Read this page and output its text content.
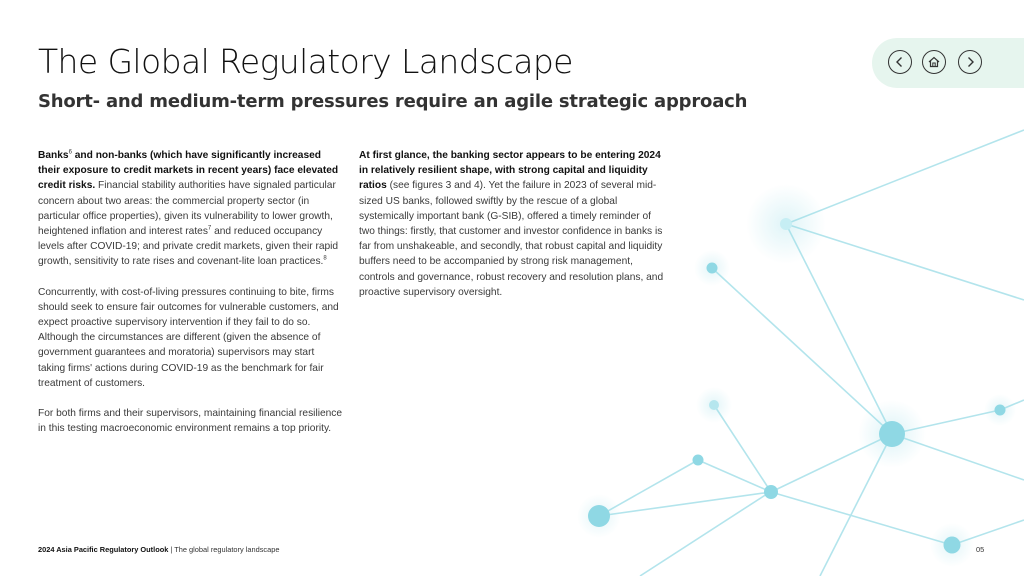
The Global Regulatory Landscape
Short- and medium-term pressures require an agile strategic approach

Banks$^6$ and non-banks (which have significantly increased their exposure to credit markets in recent years) face elevated credit risks. Financial stability authorities have signaled particular concern about two areas: the commercial property sector (in particular office properties), given its vulnerability to lower growth, heightened inflation and interest rates$^7$ and reduced occupancy levels after COVID-19; and private credit markets, given their rapid growth, sensitivity to rate rises and covenant-lite loan practices.$^8$

Concurrently, with cost-of-living pressures continuing to bite, firms should seek to ensure fair outcomes for vulnerable customers, and expect proactive supervisory intervention if they fail to do so. Although the circumstances are different (given the absence of government guarantees and moratoria) supervisors may start taking firms' actions during COVID-19 as the benchmark for fair treatment of customers.

For both firms and their supervisors, maintaining financial resilience in this testing macroeconomic environment remains a top priority.

At first glance, the banking sector appears to be entering 2024 in relatively resilient shape, with strong capital and liquidity ratios (see figures 3 and 4). Yet the failure in 2023 of several mid-sized US banks, followed swiftly by the rescue of a global systemically important bank (G-SIB), offered a timely reminder of two things: firstly, that customer and investor confidence in banks is far from unshakeable, and secondly, that robust capital and liquidity buffers need to be accompanied by strong risk management, controls and governance, robust recovery and resolution plans, and proactive supervisory oversight.

2024 Asia Pacific Regulatory Outlook | The global regulatory landscape	05
